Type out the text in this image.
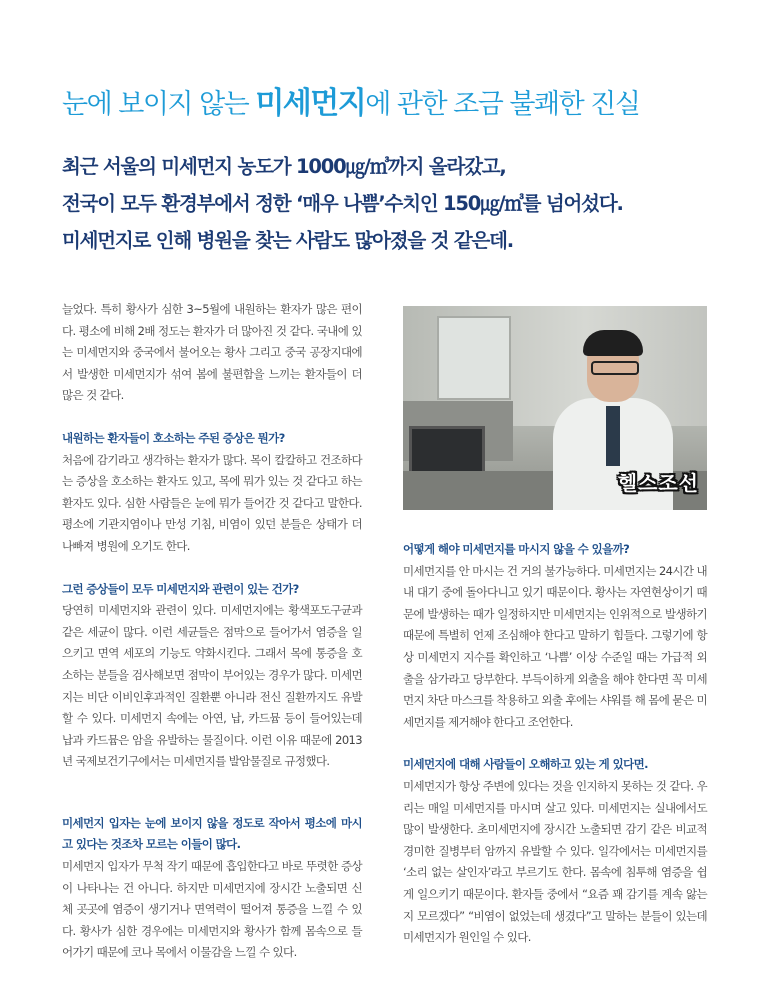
눈에 보이지 않는 미세먼지에 관한 조금 불쾌한 진실
최근 서울의 미세먼지 농도가 1000㎍/㎥까지 올라갔고,
전국이 모두 환경부에서 정한 ‘매우 나쁨’수치인 150㎍/㎥를 넘어섰다.
미세먼지로 인해 병원을 찾는 사람도 많아졌을 것 같은데.

늘었다. 특히 황사가 심한 3~5월에 내원하는 환자가 많은 편이다. 평소에 비해 2배 정도는 환자가 더 많아진 것 같다. 국내에 있는 미세먼지와 중국에서 불어오는 황사 그리고 중국 공장지대에서 발생한 미세먼지가 섞여 봄에 불편함을 느끼는 환자들이 더 많은 것 같다.

내원하는 환자들이 호소하는 주된 증상은 뭔가?

처음에 감기라고 생각하는 환자가 많다. 목이 칼칼하고 건조하다는 증상을 호소하는 환자도 있고, 목에 뭐가 있는 것 같다고 하는 환자도 있다. 심한 사람들은 눈에 뭐가 들어간 것 같다고 말한다. 평소에 기관지염이나 만성 기침, 비염이 있던 분들은 상태가 더 나빠져 병원에 오기도 한다.

그런 증상들이 모두 미세먼지와 관련이 있는 건가?

당연히 미세먼지와 관련이 있다. 미세먼지에는 황색포도구균과 같은 세균이 많다. 이런 세균들은 점막으로 들어가서 염증을 일으키고 면역 세포의 기능도 약화시킨다. 그래서 목에 통증을 호소하는 분들을 검사해보면 점막이 부어있는 경우가 많다. 미세먼지는 비단 이비인후과적인 질환뿐 아니라 전신 질환까지도 유발할 수 있다. 미세먼지 속에는 아연, 납, 카드뮴 등이 들어있는데 납과 카드뮴은 암을 유발하는 물질이다. 이런 이유 때문에 2013년 국제보건기구에서는 미세먼지를 발암물질로 규정했다.

미세먼지 입자는 눈에 보이지 않을 정도로 작아서 평소에 마시고 있다는 것조차 모르는 이들이 많다.

미세먼지 입자가 무척 작기 때문에 흡입한다고 바로 뚜렷한 증상이 나타나는 건 아니다. 하지만 미세먼지에 장시간 노출되면 신체 곳곳에 염증이 생기거나 면역력이 떨어져 통증을 느낄 수 있다. 황사가 심한 경우에는 미세먼지와 황사가 함께 몸속으로 들어가기 때문에 코나 목에서 이물감을 느낄 수 있다.

헬스조선
어떻게 해야 미세먼지를 마시지 않을 수 있을까?

미세먼지를 안 마시는 건 거의 불가능하다. 미세먼지는 24시간 내내 대기 중에 돌아다니고 있기 때문이다. 황사는 자연현상이기 때문에 발생하는 때가 일정하지만 미세먼지는 인위적으로 발생하기 때문에 특별히 언제 조심해야 한다고 말하기 힘들다. 그렇기에 항상 미세먼지 지수를 확인하고 ‘나쁨’ 이상 수준일 때는 가급적 외출을 삼가라고 당부한다. 부득이하게 외출을 해야 한다면 꼭 미세먼지 차단 마스크를 착용하고 외출 후에는 샤워를 해 몸에 묻은 미세먼지를 제거해야 한다고 조언한다.

미세먼지에 대해 사람들이 오해하고 있는 게 있다면.

미세먼지가 항상 주변에 있다는 것을 인지하지 못하는 것 같다. 우리는 매일 미세먼지를 마시며 살고 있다. 미세먼지는 실내에서도 많이 발생한다. 초미세먼지에 장시간 노출되면 감기 같은 비교적 경미한 질병부터 암까지 유발할 수 있다. 일각에서는 미세먼지를 ‘소리 없는 살인자’라고 부르기도 한다. 몸속에 침투해 염증을 쉽게 일으키기 때문이다. 환자들 중에서 “요즘 꽤 감기를 계속 앓는지 모르겠다” “비염이 없었는데 생겼다”고 말하는 분들이 있는데 미세먼지가 원인일 수 있다.
